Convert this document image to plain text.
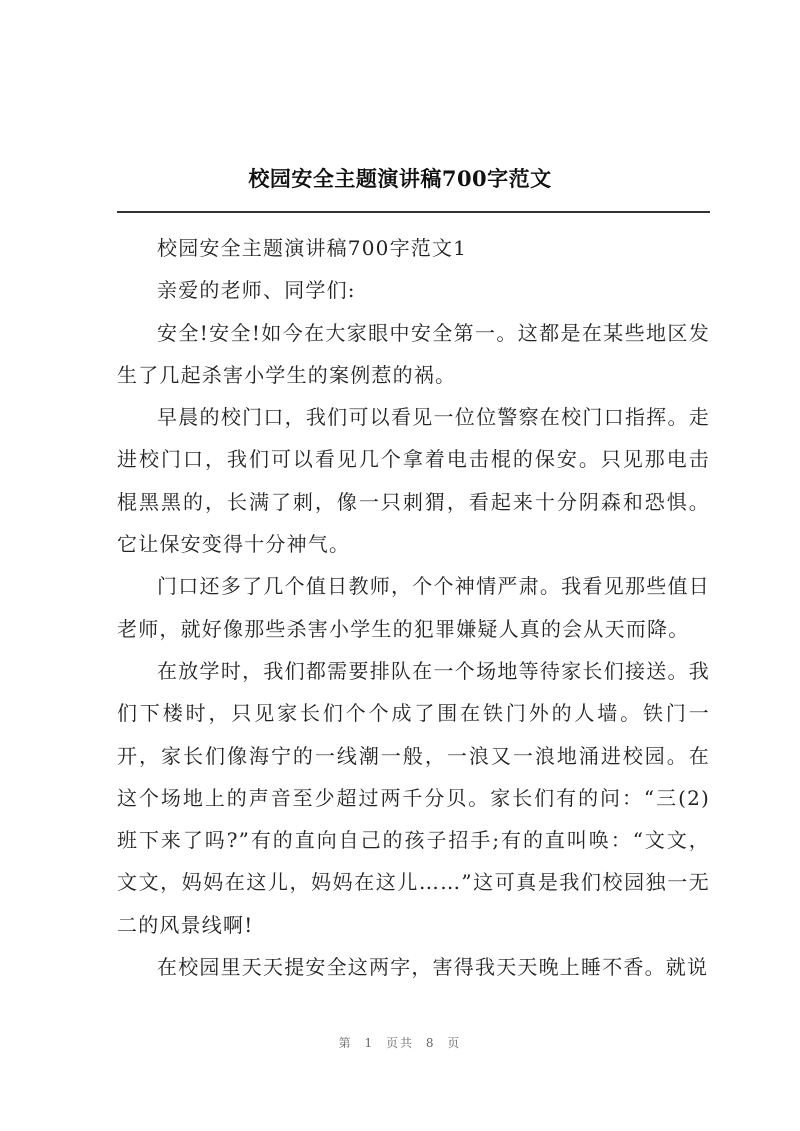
校园安全主题演讲稿700字范文

校园安全主题演讲稿700字范文1

亲爱的老师、同学们:

安全!安全!如今在大家眼中安全第一。这都是在某些地区发生了几起杀害小学生的案例惹的祸。

早晨的校门口，我们可以看见一位位警察在校门口指挥。走进校门口，我们可以看见几个拿着电击棍的保安。只见那电击棍黑黑的，长满了刺，像一只刺猬，看起来十分阴森和恐惧。它让保安变得十分神气。

门口还多了几个值日教师，个个神情严肃。我看见那些值日老师，就好像那些杀害小学生的犯罪嫌疑人真的会从天而降。

在放学时，我们都需要排队在一个场地等待家长们接送。我们下楼时，只见家长们个个成了围在铁门外的人墙。铁门一开，家长们像海宁的一线潮一般，一浪又一浪地涌进校园。在这个场地上的声音至少超过两千分贝。家长们有的问：“三(2)班下来了吗?”有的直向自己的孩子招手;有的直叫唤：“文文，文文，妈妈在这儿，妈妈在这儿……”这可真是我们校园独一无二的风景线啊!

在校园里天天提安全这两字，害得我天天晚上睡不香。就说

第 1 页共 8 页
